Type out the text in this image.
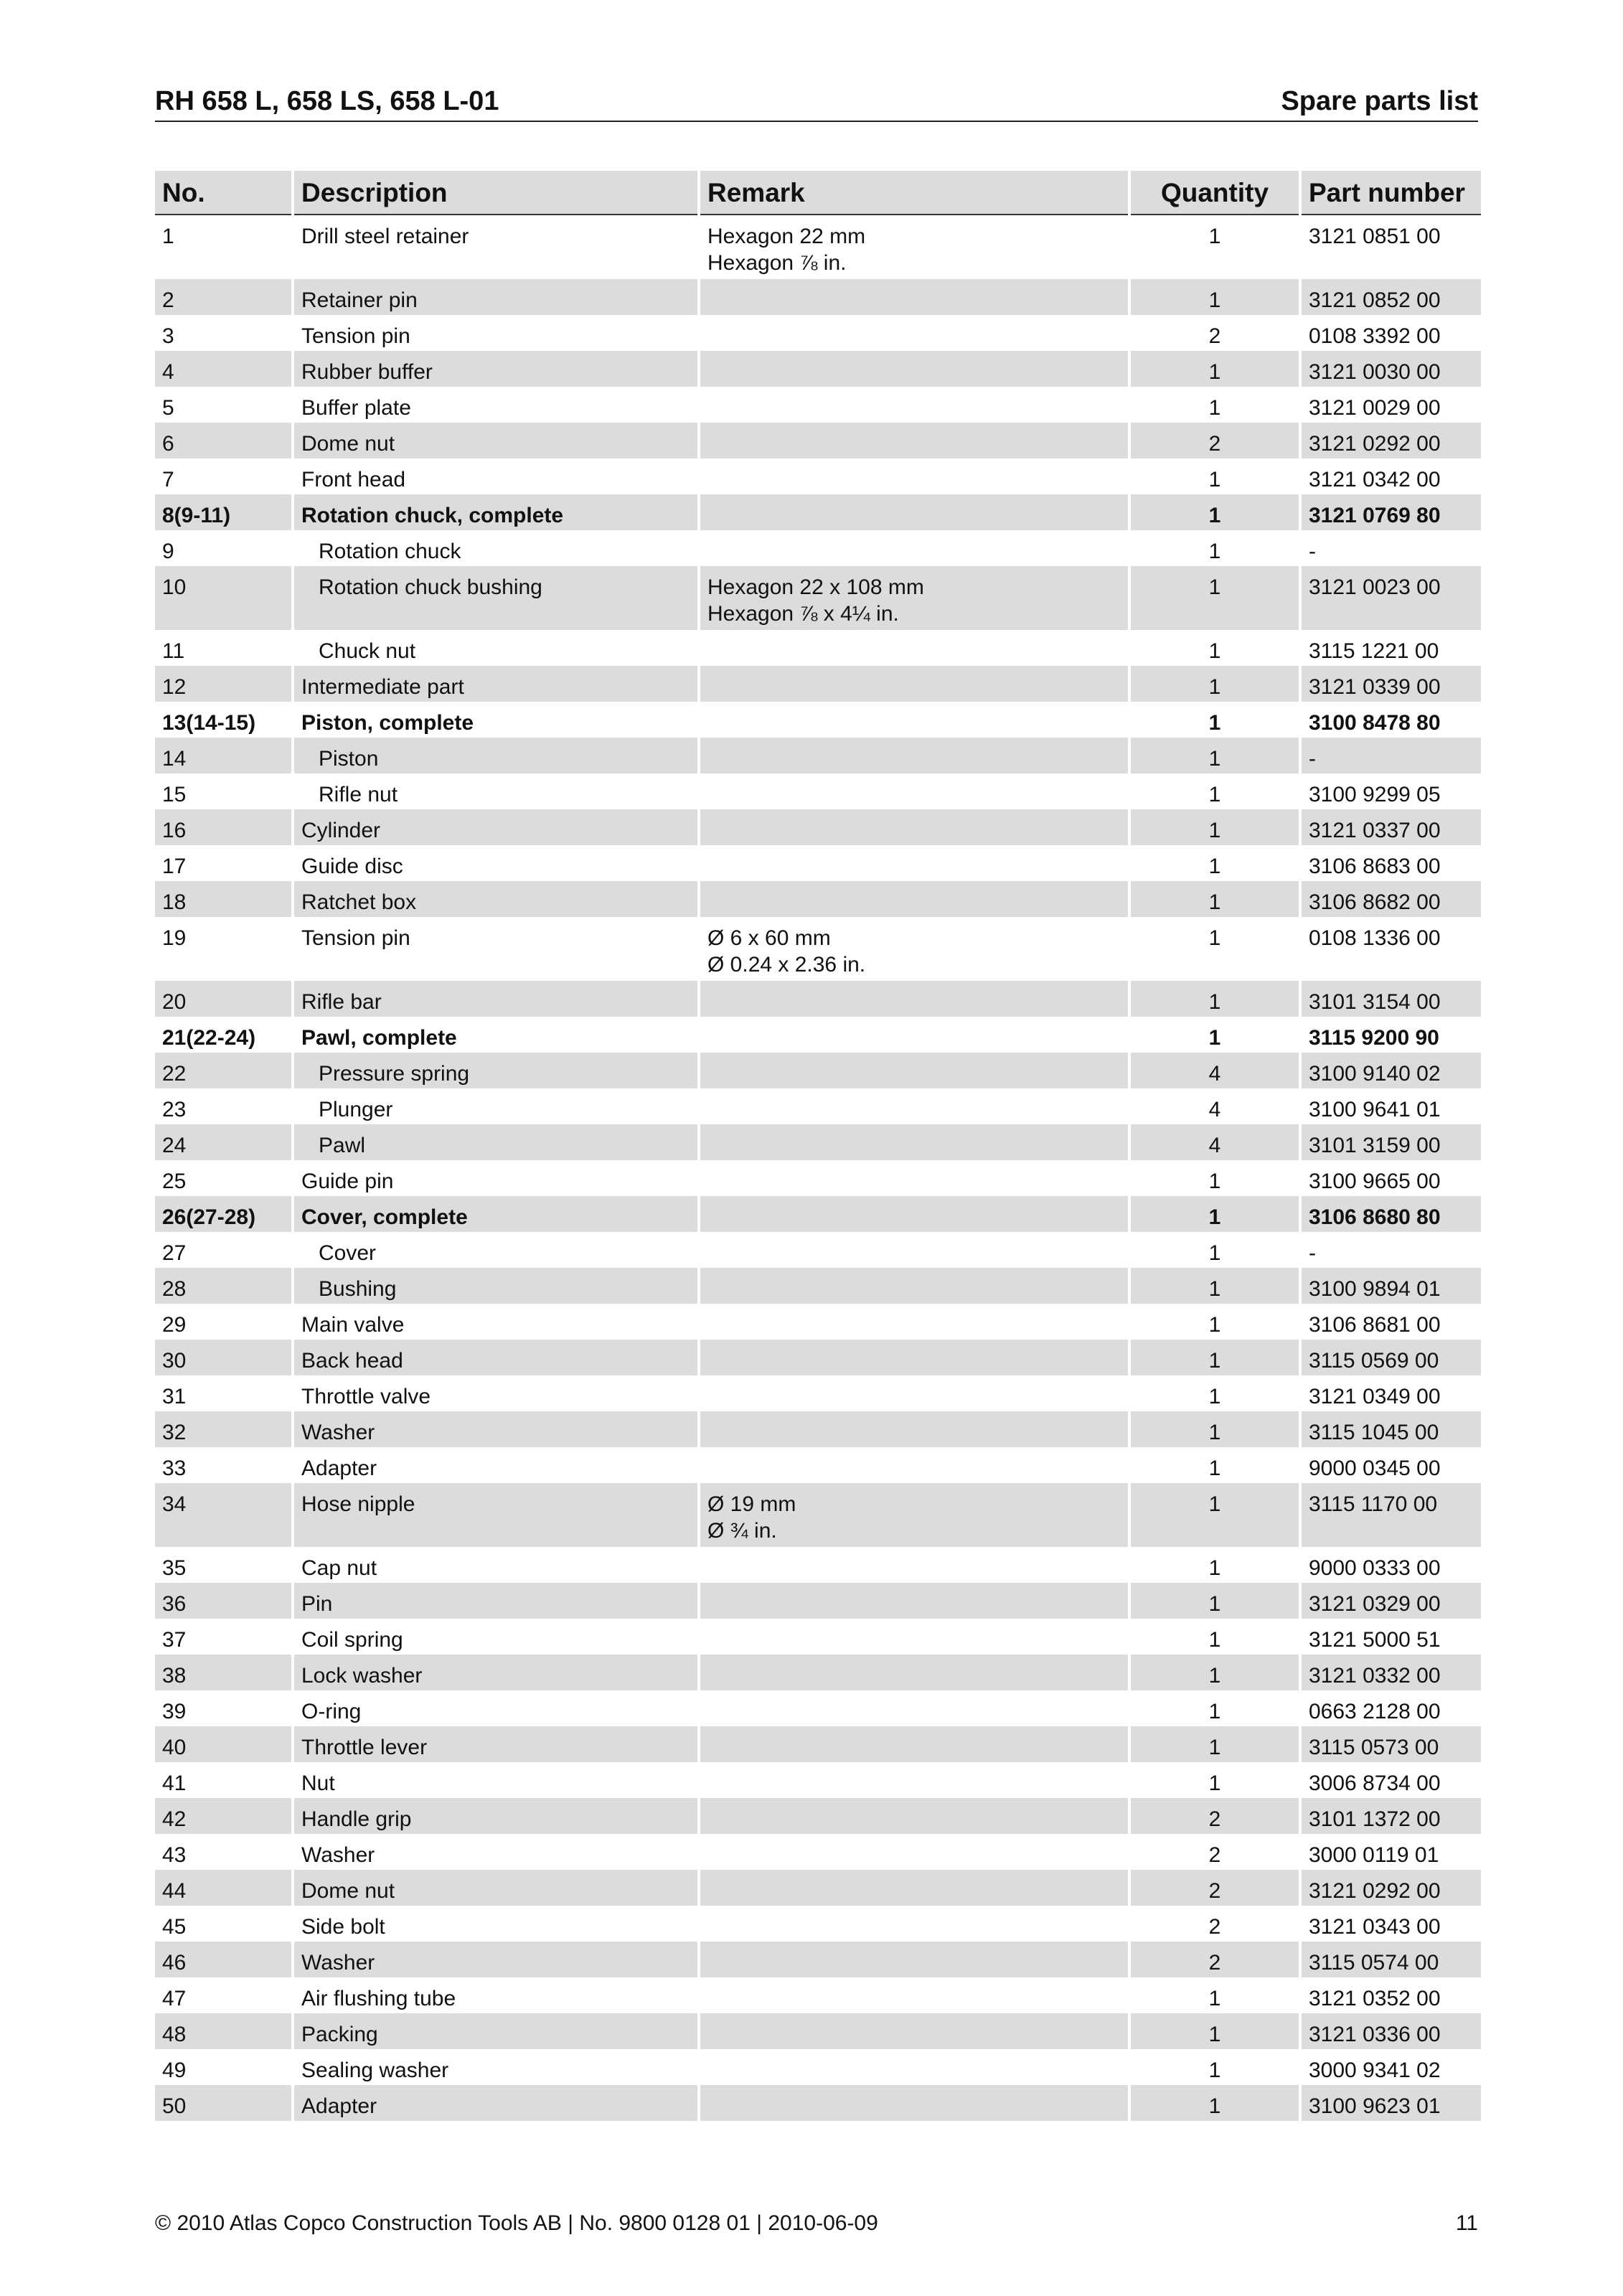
RH 658 L, 658 LS, 658 L-01	Spare parts list
No.	Description	Remark	Quantity	Part number
1	Drill steel retainer	Hexagon 22 mm
Hexagon ⅞ in.	1	3121 0851 00
2	Retainer pin		1	3121 0852 00
3	Tension pin		2	0108 3392 00
4	Rubber buffer		1	3121 0030 00
5	Buffer plate		1	3121 0029 00
6	Dome nut		2	3121 0292 00
7	Front head		1	3121 0342 00
8(9-11)	Rotation chuck, complete		1	3121 0769 80
9	Rotation chuck		1	-
10	Rotation chuck bushing	Hexagon 22 x 108 mm
Hexagon ⅞ x 4¼ in.	1	3121 0023 00
11	Chuck nut		1	3115 1221 00
12	Intermediate part		1	3121 0339 00
13(14-15)	Piston, complete		1	3100 8478 80
14	Piston		1	-
15	Rifle nut		1	3100 9299 05
16	Cylinder		1	3121 0337 00
17	Guide disc		1	3106 8683 00
18	Ratchet box		1	3106 8682 00
19	Tension pin	Ø 6 x 60 mm
Ø 0.24 x 2.36 in.	1	0108 1336 00
20	Rifle bar		1	3101 3154 00
21(22-24)	Pawl, complete		1	3115 9200 90
22	Pressure spring		4	3100 9140 02
23	Plunger		4	3100 9641 01
24	Pawl		4	3101 3159 00
25	Guide pin		1	3100 9665 00
26(27-28)	Cover, complete		1	3106 8680 80
27	Cover		1	-
28	Bushing		1	3100 9894 01
29	Main valve		1	3106 8681 00
30	Back head		1	3115 0569 00
31	Throttle valve		1	3121 0349 00
32	Washer		1	3115 1045 00
33	Adapter		1	9000 0345 00
34	Hose nipple	Ø 19 mm
Ø ¾ in.	1	3115 1170 00
35	Cap nut		1	9000 0333 00
36	Pin		1	3121 0329 00
37	Coil spring		1	3121 5000 51
38	Lock washer		1	3121 0332 00
39	O-ring		1	0663 2128 00
40	Throttle lever		1	3115 0573 00
41	Nut		1	3006 8734 00
42	Handle grip		2	3101 1372 00
43	Washer		2	3000 0119 01
44	Dome nut		2	3121 0292 00
45	Side bolt		2	3121 0343 00
46	Washer		2	3115 0574 00
47	Air flushing tube		1	3121 0352 00
48	Packing		1	3121 0336 00
49	Sealing washer		1	3000 9341 02
50	Adapter		1	3100 9623 01
© 2010 Atlas Copco Construction Tools AB | No. 9800 0128 01 | 2010-06-09	11
